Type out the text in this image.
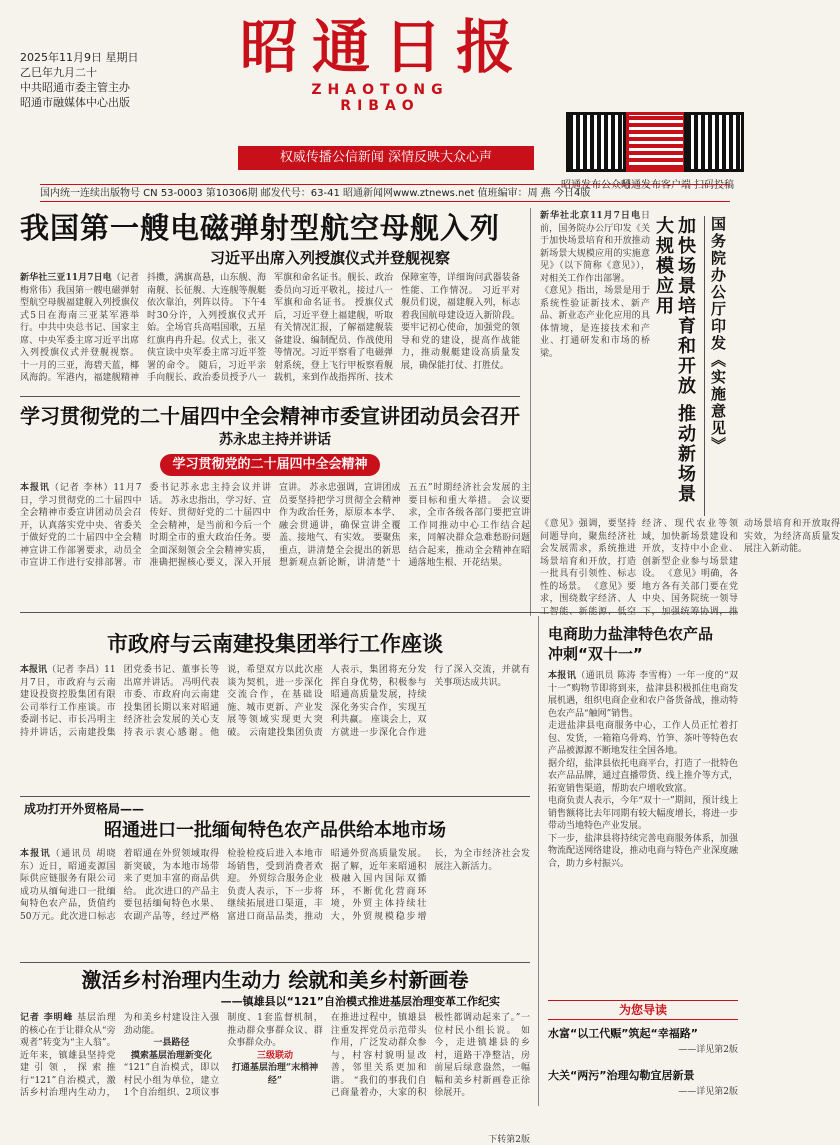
2025年11月9日 星期日
乙巳年九月二十
中共昭通市委主管主办
昭通市融媒体中心出版
昭通日报
ZHAOTONG RIBAO
权威传播公信新闻 深情反映大众心声
昭通发布公众号
昭通发布客户端 扫码投稿
国内统一连续出版物号 CN 53-0003 第10306期 邮发代号：63-41 昭通新闻网www.ztnews.net 值班编审：周 燕 今日4版
我国第一艘电磁弹射型航空母舰入列
习近平出席入列授旗仪式并登舰视察
新华社三亚11月7日电（记者梅常伟）我国第一艘电磁弹射型航空母舰福建舰入列授旗仪式5日在海南三亚某军港举行。中共中央总书记、国家主席、中央军委主席习近平出席入列授旗仪式并登舰视察。 十一月的三亚，海碧天蓝，椰风海韵。军港内，福建舰精神抖擞，满旗高悬，山东舰、海南舰、长征舰、大连舰等舰艇依次靠泊，列阵以待。 下午4时30分许，入列授旗仪式开始。全场官兵高唱国歌，五星红旗冉冉升起。仪式上，张又侠宣读中央军委主席习近平签署的命令。 随后，习近平亲手向舰长、政治委员授予八一军旗和命名证书。舰长、政治委员向习近平敬礼，接过八一军旗和命名证书。 授旗仪式后，习近平登上福建舰，听取有关情况汇报，了解福建舰装备建设、编制配员、作战使用等情况。习近平察看了电磁弹射系统，登上飞行甲板察看舰载机，来到作战指挥所、技术保障室等，详细询问武器装备性能、工作情况。 习近平对舰员们说，福建舰入列，标志着我国航母建设迈入新阶段。要牢记初心使命，加强党的领导和党的建设，提高作战能力，推动舰艇建设高质量发展，确保能打仗、打胜仗。
新华社北京11月7日电日前，国务院办公厅印发《关于加快场景培育和开放推动新场景大规模应用的实施意见》（以下简称《意见》），对相关工作作出部署。
《意见》指出，场景是用于系统性验证新技术、新产品、新业态产业化应用的具体情境，是连接技术和产业、打通研发和市场的桥梁。	加快场景培育和开放 推动新场景大规模应用	国务院办公厅印发《实施意见》
《意见》强调，要坚持问题导向，聚焦经济社会发展需求，系统推进场景培育和开放，打造一批具有引领性、标志性的场景。 《意见》要求，围绕数字经济、人 经济、现代农业等领域，加快新场景建设和开放，支持中小企业、创新型企业参与场景建设。 《意见》明确，各地方各有关部门要在党中央、国务院统一领导 动场景培育和开放取得实效，为经济高质量发展注入新动能。
学习贯彻党的二十届四中全会精神市委宣讲团动员会召开
苏永忠主持并讲话
学习贯彻党的二十届四中全会精神
本报讯（记者 李林）11月7日，学习贯彻党的二十届四中全会精神市委宣讲团动员会召开，认真落实党中央、省委关于做好党的二十届四中全会精神宣讲工作部署要求，动员全市宣讲工作进行安排部署。市委书记苏永忠主持会议并讲话。 苏永忠指出，学习好、宣传好、贯彻好党的二十届四中全会精神，是当前和今后一个时期全市的重大政治任务。要全面深刻领会全会精神实质，准确把握核心要义，深入开展宣讲。 苏永忠强调，宣讲团成员要坚持把学习贯彻全会精神作为政治任务，原原本本学、融会贯通讲，确保宣讲全覆盖、接地气、有实效。 要聚焦重点，讲清楚全会提出的新思想新观点新论断，讲清楚“十五五”时期经济社会发展的主要目标和重大举措。 会议要求，全市各级各部门要把宣讲工作同推动中心工作结合起来，同解决群众急难愁盼问题结合起来，推动全会精神在昭通落地生根、开花结果。
市政府与云南建投集团举行工作座谈
本报讯（记者 李昌）11月7日，市政府与云南建设投资控股集团有限公司举行工作座谈。市委副书记、市长冯明主持并讲话，云南建投集团党委书记、董事长等出席并讲话。 冯明代表市委、市政府向云南建投集团长期以来对昭通经济社会发展的关心支持表示衷心感谢。他说，希望双方以此次座谈为契机，进一步深化交流合作，在基础设施、城市更新、产业发展等领域实现更大突破。 云南建投集团负责人表示，集团将充分发挥自身优势，积极参与昭通高质量发展，持续深化务实合作，实现互利共赢。 座谈会上，双方就进一步深化合作进行了深入交流，并就有关事项达成共识。
成功打开外贸格局——
昭通进口一批缅甸特色农产品供给本地市场
本报讯（通讯员 胡晓东）近日，昭通麦源国际供应链服务有限公司成功从缅甸进口一批缅甸特色农产品，货值约50万元。此次进口标志着昭通在外贸领域取得新突破，为本地市场带来了更加丰富的商品供给。 此次进口的产品主要包括缅甸特色水果、农副产品等，经过严格检验检疫后进入本地市场销售，受到消费者欢迎。 外贸综合服务企业负责人表示，下一步将继续拓展进口渠道，丰富进口商品品类，推动昭通外贸高质量发展。 据了解，近年来昭通积极融入国内国际双循环，不断优化营商环境，外贸主体持续壮大，外贸规模稳步增长，为全市经济社会发展注入新活力。
电商助力盐津特色农产品
冲刺“双十一”
本报讯（通讯员 陈涛 李雪梅）一年一度的“双十一”购物节即将到来，盐津县积极抓住电商发展机遇，组织电商企业和农户备货备战，推动特色农产品“触网”销售。
走进盐津县电商服务中心，工作人员正忙着打包、发货，一箱箱乌骨鸡、竹笋、茶叶等特色农产品被源源不断地发往全国各地。
据介绍，盐津县依托电商平台，打造了一批特色农产品品牌，通过直播带货、线上推介等方式，拓宽销售渠道，帮助农户增收致富。
电商负责人表示，今年“双十一”期间，预计线上销售额将比去年同期有较大幅度增长，将进一步带动当地特色产业发展。
下一步，盐津县将持续完善电商服务体系，加强物流配送网络建设，推动电商与特色产业深度融合，助力乡村振兴。
为您导读
水富“以工代赈”筑起“幸福路”
——详见第2版
大关“两污”治理勾勒宜居新景
——详见第2版
激活乡村治理内生动力 绘就和美乡村新画卷
——镇雄县以“121”自治模式推进基层治理变革工作纪实
记者 李明峰 基层治理的核心在于让群众从“旁观者”转变为“主人翁”。近年来，镇雄县坚持党建引领，探索推行“121”自治模式，激活乡村治理内生动力，为和美乡村建设注入强劲动能。
一县路径
摸索基层治理新变化
“121”自治模式，即以村民小组为单位，建立1个自治组织、2项议事制度、1套监督机制，推动群众事群众议、群众事群众办。
三级联动
打通基层治理“末梢神经”
在推进过程中，镇雄县注重发挥党员示范带头作用，广泛发动群众参与，村容村貌明显改善，邻里关系更加和谐。 “我们的事我们自己商量着办，大家的积极性都调动起来了。”一位村民小组长说。 如今，走进镇雄县的乡村，道路干净整洁，房前屋后绿意盎然，一幅幅和美乡村新画卷正徐徐展开。
下转第2版
